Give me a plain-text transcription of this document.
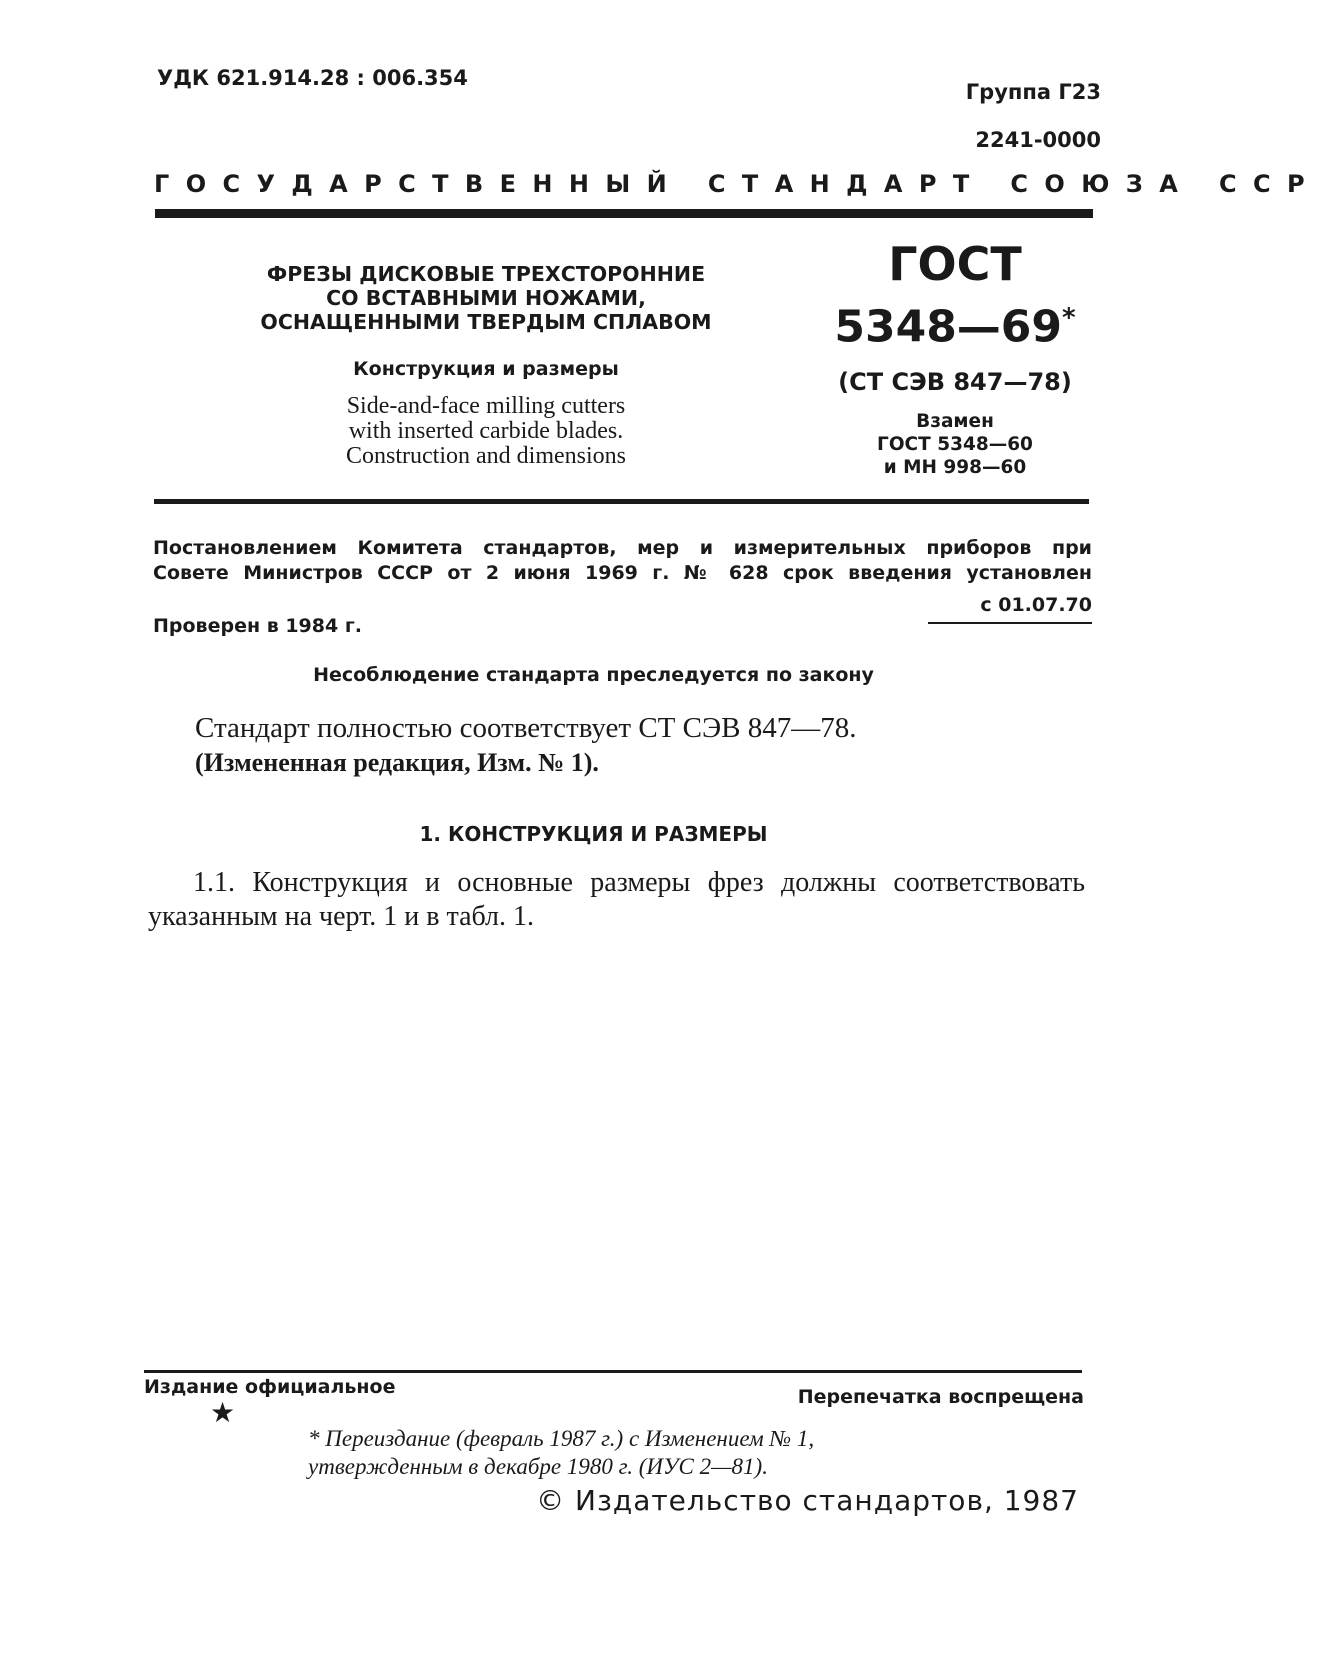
УДК 621.914.28 : 006.354
Группа Г23
2241-0000
ГОСУДАРСТВЕННЫЙ СТАНДАРТ СОЮЗА ССР
ФРЕЗЫ ДИСКОВЫЕ ТРЕХСТОРОННИЕ
СО ВСТАВНЫМИ НОЖАМИ,
ОСНАЩЕННЫМИ ТВЕРДЫМ СПЛАВОМ
Конструкция и размеры
Side-and-face milling cutters
with inserted carbide blades.
Construction and dimensions
ГОСТ
5348—69*
(СТ СЭВ 847—78)
Взамен
ГОСТ 5348—60
и МН 998—60
Постановлением Комитета стандартов, мер и измерительных приборов при
Совете Министров СССР от 2 июня 1969 г. № 628 срок введения установлен
с 01.07.70
Проверен в 1984 г.
Несоблюдение стандарта преследуется по закону
Стандарт полностью соответствует СТ СЭВ 847—78.
(Измененная редакция, Изм. № 1).
1. КОНСТРУКЦИЯ И РАЗМЕРЫ
1.1. Конструкция и основные размеры фрез должны соответствовать указанным на черт. 1 и в табл. 1.
Издание официальное	Перепечатка воспрещена
★
* Переиздание (февраль 1987 г.) с Изменением № 1,
утвержденным в декабре 1980 г. (ИУС 2—81).
© Издательство стандартов, 1987
